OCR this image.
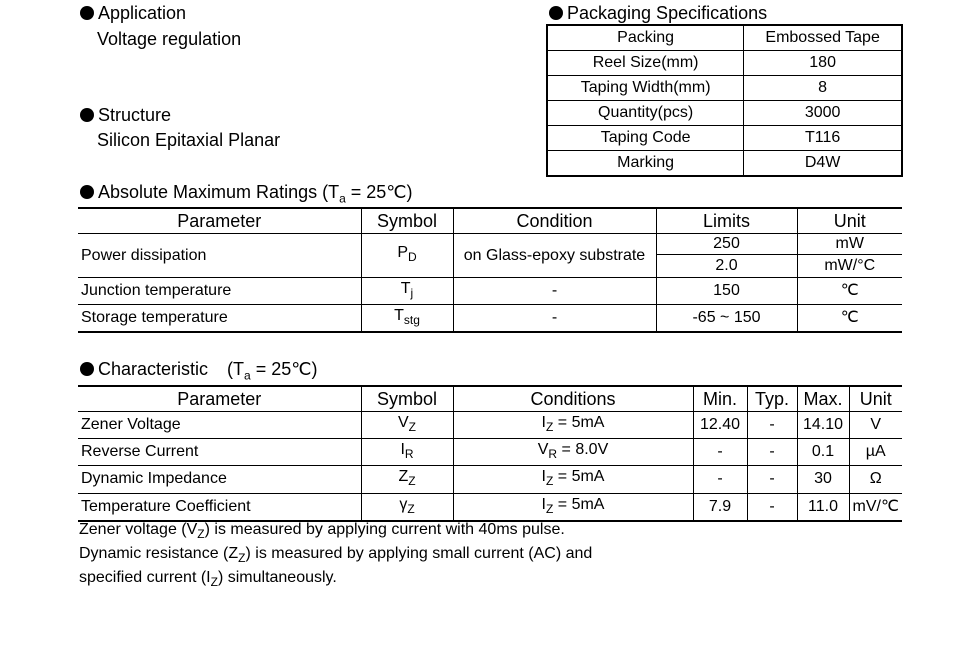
Application
Voltage regulation
Structure
Silicon Epitaxial Planar
Packaging Specifications
Packing	Embossed Tape
Reel Size(mm)	180
Taping Width(mm)	8
Quantity(pcs)	3000
Taping Code	T116
Marking	D4W
Absolute Maximum Ratings ($T_a$ = 25℃)
Parameter	Symbol	Condition	Limits	Unit
Power dissipation	$P_D$	on Glass-epoxy substrate	250	mW
			2.0	mW/°C
Junction temperature	$T_j$	-	150	℃
Storage temperature	$T_{stg}$	-	-65 ~ 150	℃
Characteristic ($T_a$ = 25℃)
Parameter	Symbol	Conditions	Min.	Typ.	Max.	Unit
Zener Voltage	$V_Z$	$I_Z = 5mA$	12.40	-	14.10	V
Reverse Current	$I_R$	$V_R = 8.0V$	-	-	0.1	µA
Dynamic Impedance	$Z_Z$	$I_Z = 5mA$	-	-	30	Ω
Temperature Coefficient	$\gamma_Z$	$I_Z = 5mA$	7.9	-	11.0	mV/℃
Zener voltage $(V_Z)$ is measured by applying current with 40ms pulse.
Dynamic resistance $(Z_Z)$ is measured by applying small current (AC) and
specified current $(I_Z)$ simultaneously.
